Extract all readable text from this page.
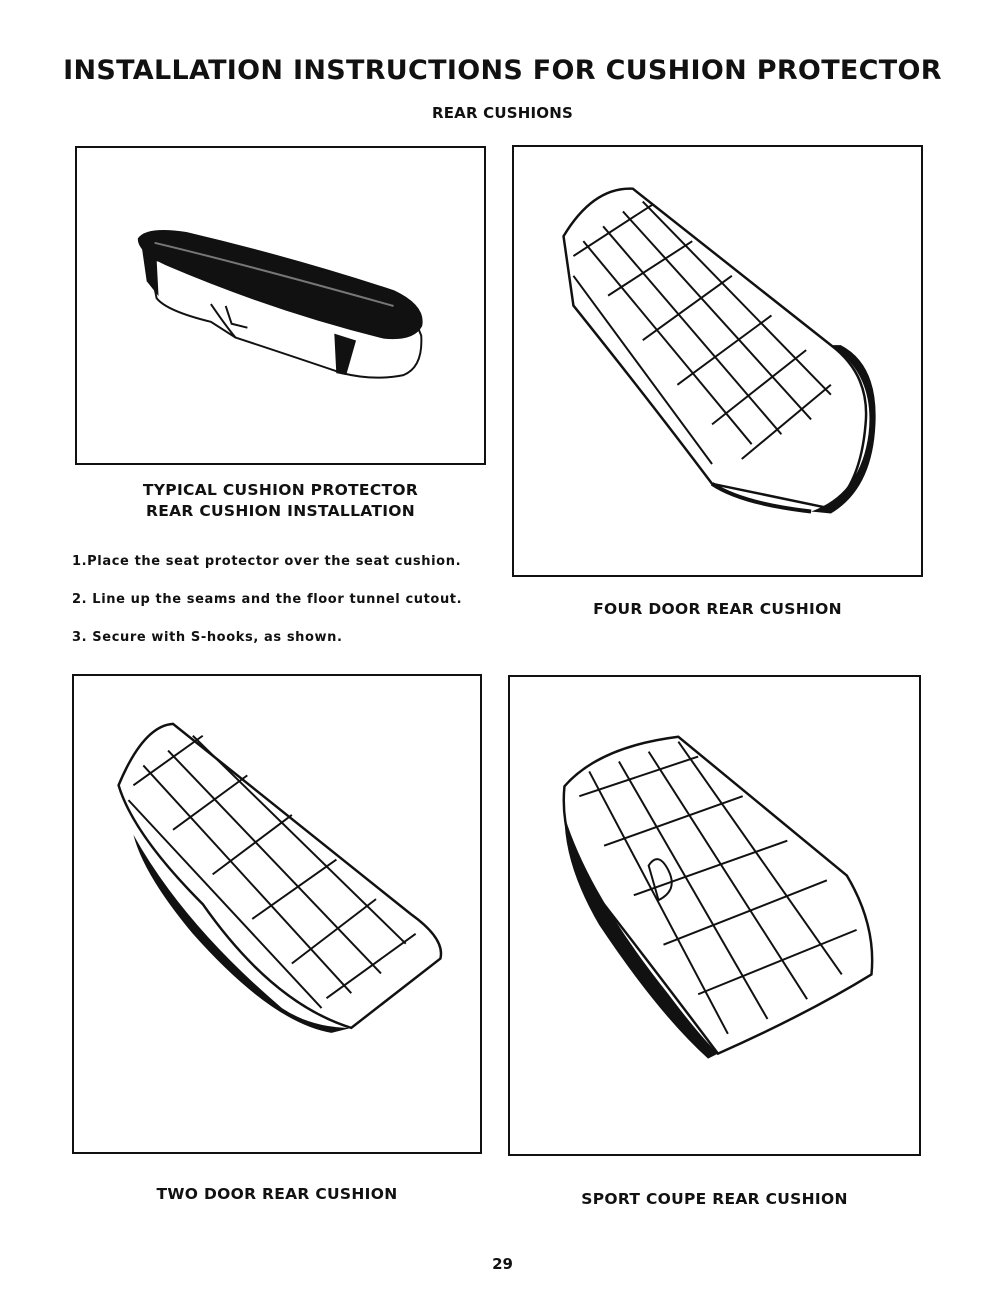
INSTALLATION INSTRUCTIONS FOR CUSHION PROTECTOR
REAR CUSHIONS
TYPICAL CUSHION PROTECTOR
REAR CUSHION INSTALLATION
1.Place the seat protector over the seat cushion.
2. Line up the seams and the floor tunnel cutout.
3. Secure with S-hooks, as shown.
FOUR DOOR REAR CUSHION
TWO DOOR REAR CUSHION	SPORT COUPE REAR CUSHION
29
